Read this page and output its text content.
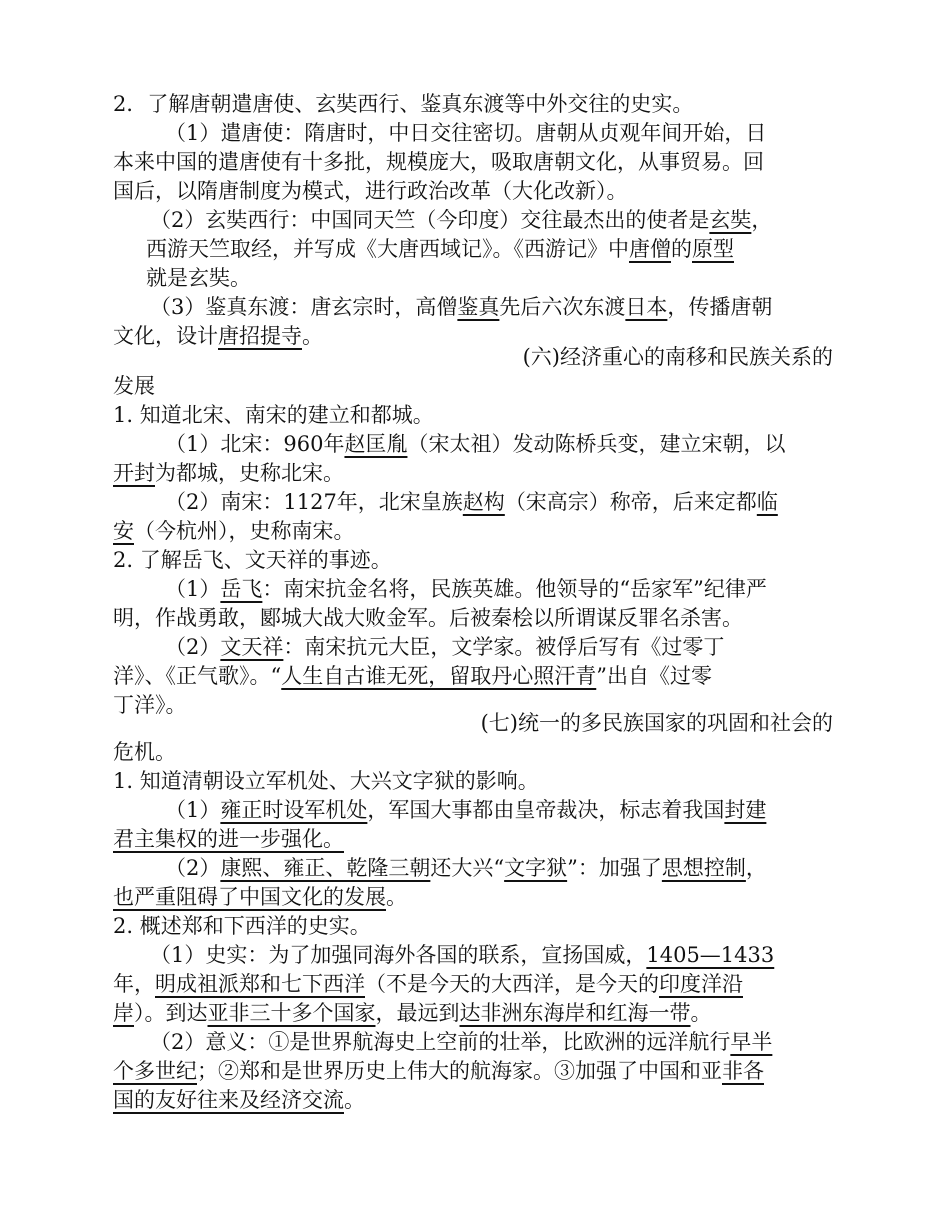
2．了解唐朝遣唐使、玄奘西行、鉴真东渡等中外交往的史实。
（1）遣唐使：隋唐时，中日交往密切。唐朝从贞观年间开始，日
本来中国的遣唐使有十多批，规模庞大，吸取唐朝文化，从事贸易。回
国后，以隋唐制度为模式，进行政治改革（大化改新）。
（2）玄奘西行：中国同天竺（今印度）交往最杰出的使者是玄奘，
西游天竺取经，并写成《大唐西域记》。《西游记》中唐僧的原型
就是玄奘。
（3）鉴真东渡：唐玄宗时，高僧鉴真先后六次东渡日本，传播唐朝
文化，设计唐招提寺。
(六)经济重心的南移和民族关系的
发展
1. 知道北宋、南宋的建立和都城。
（1）北宋：960年赵匡胤（宋太祖）发动陈桥兵变，建立宋朝，以
开封为都城，史称北宋。
（2）南宋：1127年，北宋皇族赵构（宋高宗）称帝，后来定都临
安（今杭州），史称南宋。
2. 了解岳飞、文天祥的事迹。
（1）岳飞：南宋抗金名将，民族英雄。他领导的“岳家军”纪律严
明，作战勇敢，郾城大战大败金军。后被秦桧以所谓谋反罪名杀害。
（2）文天祥：南宋抗元大臣，文学家。被俘后写有《过零丁
洋》、《正气歌》。“人生自古谁无死，留取丹心照汗青”出自《过零
丁洋》。
(七)统一的多民族国家的巩固和社会的
危机。
1. 知道清朝设立军机处、大兴文字狱的影响。
（1）雍正时设军机处，军国大事都由皇帝裁决，标志着我国封建
君主集权的进一步强化。
（2）康熙、雍正、乾隆三朝还大兴“文字狱”：加强了思想控制，
也严重阻碍了中国文化的发展。
2. 概述郑和下西洋的史实。
（1）史实：为了加强同海外各国的联系，宣扬国威，1405—1433
年，明成祖派郑和七下西洋（不是今天的大西洋，是今天的印度洋沿
岸）。到达亚非三十多个国家，最远到达非洲东海岸和红海一带。
（2）意义：①是世界航海史上空前的壮举，比欧洲的远洋航行早半
个多世纪；②郑和是世界历史上伟大的航海家。③加强了中国和亚非各
国的友好往来及经济交流。
